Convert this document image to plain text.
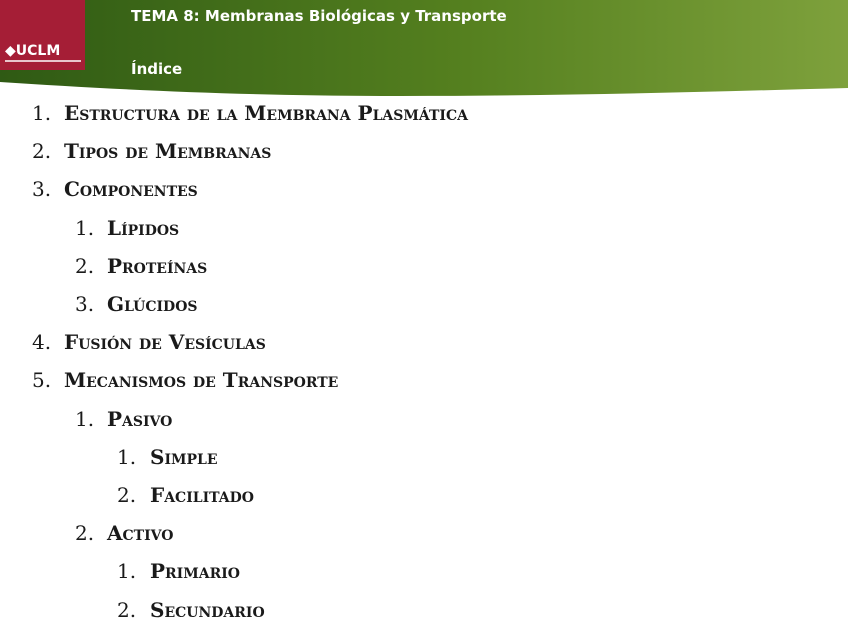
◆UCLM
TEMA 8: Membranas Biológicas y Transporte
Índice
1. Estructura de la Membrana Plasmática
2. Tipos de Membranas
3. Componentes
1. Lípidos
2. Proteínas
3. Glúcidos
4. Fusión de Vesículas
5. Mecanismos de Transporte
1. Pasivo
1. Simple
2. Facilitado
2. Activo
1. Primario
2. Secundario
